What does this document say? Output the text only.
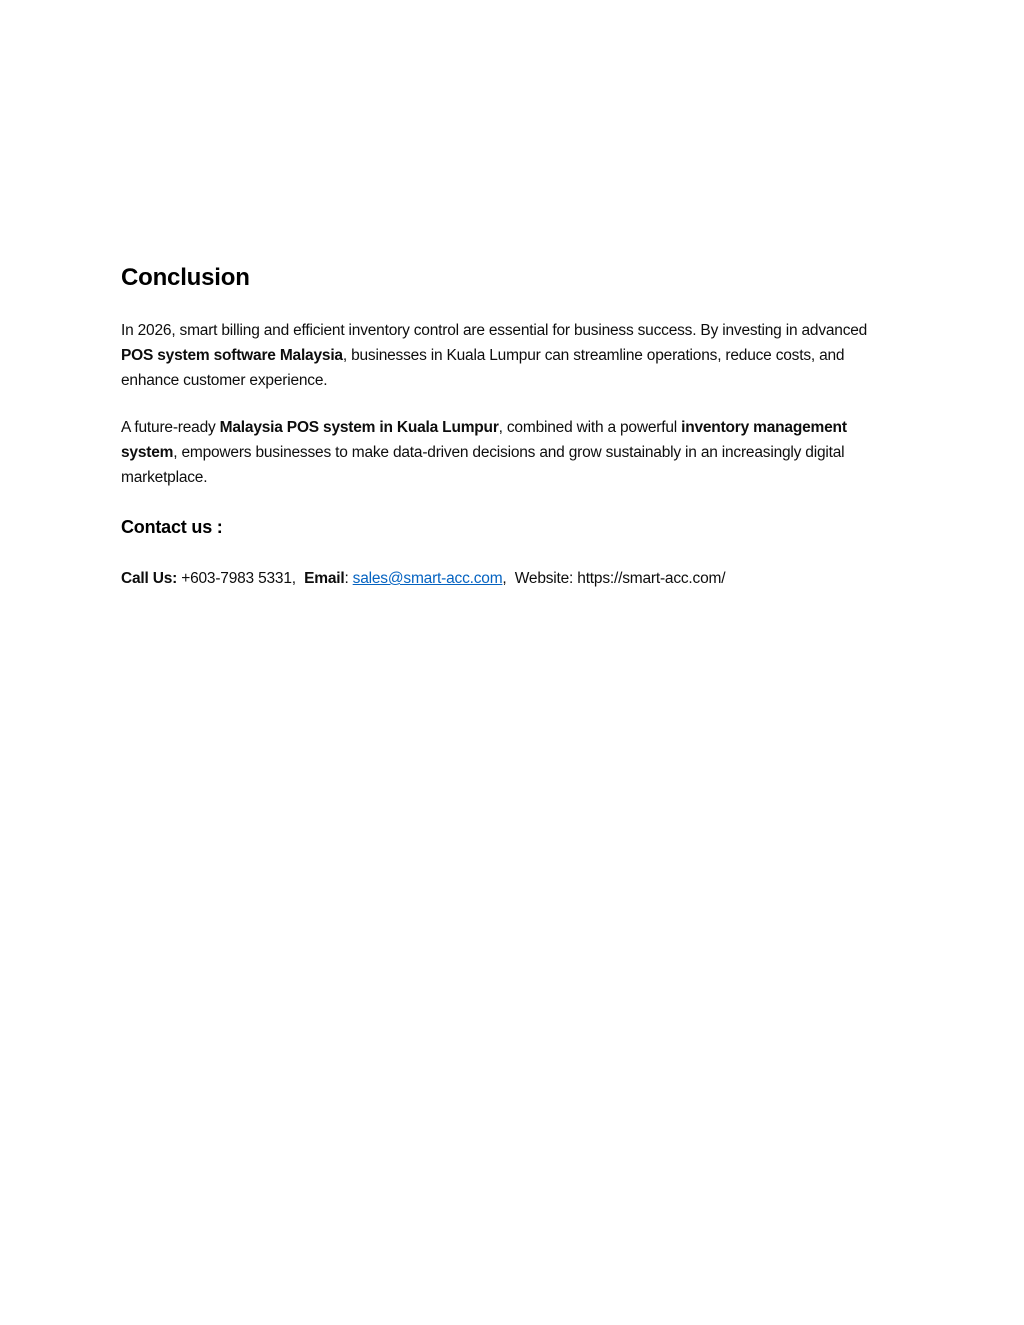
Conclusion

In 2026, smart billing and efficient inventory control are essential for business success. By investing in advanced POS system software Malaysia, businesses in Kuala Lumpur can streamline operations, reduce costs, and enhance customer experience.

A future-ready Malaysia POS system in Kuala Lumpur, combined with a powerful inventory management system, empowers businesses to make data-driven decisions and grow sustainably in an increasingly digital marketplace.

Contact us :

Call Us: +603-7983 5331,  Email: sales@smart-acc.com,  Website: https://smart-acc.com/
